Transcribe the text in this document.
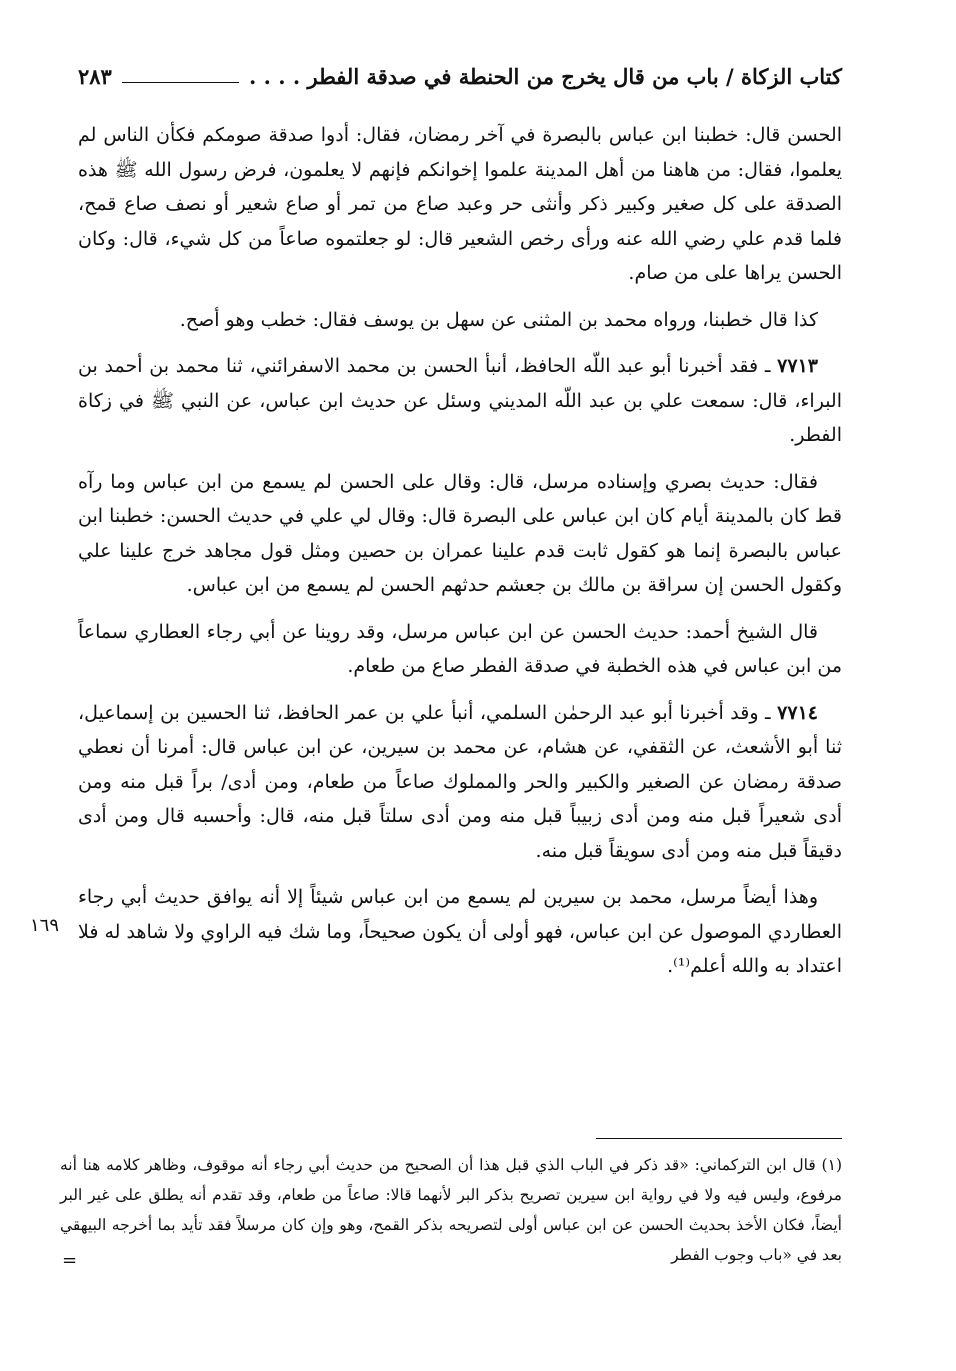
كتاب الزكاة / باب من قال يخرج من الحنطة في صدقة الفطر . . . .
٢٨٣

الحسن قال: خطبنا ابن عباس بالبصرة في آخر رمضان، فقال: أدوا صدقة صومكم فكأن الناس لم يعلموا، فقال: من هاهنا من أهل المدينة علموا إخوانكم فإنهم لا يعلمون، فرض رسول الله ﷺ هذه الصدقة على كل صغير وكبير ذكر وأنثى حر وعبد صاع من تمر أو صاع شعير أو نصف صاع قمح، فلما قدم علي رضي الله عنه ورأى رخص الشعير قال: لو جعلتموه صاعاً من كل شيء، قال: وكان الحسن يراها على من صام.

كذا قال خطبنا، ورواه محمد بن المثنى عن سهل بن يوسف فقال: خطب وهو أصح.

٧٧١٣ ـ فقد أخبرنا أبو عبد اللّه الحافظ، أنبأ الحسن بن محمد الاسفرائني، ثنا محمد بن أحمد بن البراء، قال: سمعت علي بن عبد اللّه المديني وسئل عن حديث ابن عباس، عن النبي ﷺ في زكاة الفطر.

فقال: حديث بصري وإسناده مرسل، قال: وقال على الحسن لم يسمع من ابن عباس وما رآه قط كان بالمدينة أيام كان ابن عباس على البصرة قال: وقال لي علي في حديث الحسن: خطبنا ابن عباس بالبصرة إنما هو كقول ثابت قدم علينا عمران بن حصين ومثل قول مجاهد خرج علينا علي وكقول الحسن إن سراقة بن مالك بن جعشم حدثهم الحسن لم يسمع من ابن عباس.

قال الشيخ أحمد: حديث الحسن عن ابن عباس مرسل، وقد روينا عن أبي رجاء العطاري سماعاً من ابن عباس في هذه الخطبة في صدقة الفطر صاع من طعام.

٧٧١٤ ـ وقد أخبرنا أبو عبد الرحمٰن السلمي، أنبأ علي بن عمر الحافظ، ثنا الحسين بن إسماعيل، ثنا أبو الأشعث، عن الثقفي، عن هشام، عن محمد بن سيرين، عن ابن عباس قال: أمرنا أن نعطي صدقة رمضان عن الصغير والكبير والحر والمملوك صاعاً من طعام، ومن أدى/ براً قبل منه ومن أدى شعيراً قبل منه ومن أدى زبيباً قبل منه ومن أدى سلتاً قبل منه، قال: وأحسبه قال ومن أدى دقيقاً قبل منه ومن أدى سويقاً قبل منه.

وهذا أيضاً مرسل، محمد بن سيرين لم يسمع من ابن عباس شيئاً إلا أنه يوافق حديث أبي رجاء العطاردي الموصول عن ابن عباس، فهو أولى أن يكون صحيحاً، وما شك فيه الراوي ولا شاهد له فلا اعتداد به والله أعلم⁽¹⁾.

١٦٩

(١) قال ابن التركماني: «قد ذكر في الباب الذي قبل هذا أن الصحيح من حديث أبي رجاء أنه موقوف، وظاهر كلامه هنا أنه مرفوع، وليس فيه ولا في رواية ابن سيرين تصريح بذكر البر لأنهما قالا: صاعاً من طعام، وقد تقدم أنه يطلق على غير البر أيضاً، فكان الأخذ بحديث الحسن عن ابن عباس أولى لتصريحه بذكر القمح، وهو وإن كان مرسلاً فقد تأيد بما أخرجه البيهقي بعد في «باب وجوب الفطر

=
